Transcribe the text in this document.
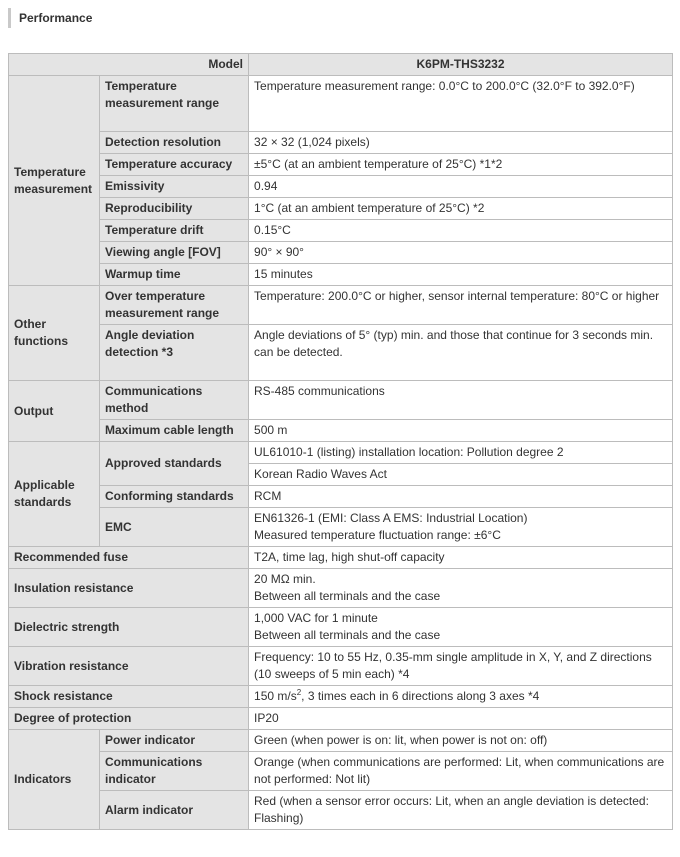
Performance
Model		K6PM-THS3232
Temperature measurement	Temperature measurement range	Temperature measurement range: 0.0°C to 200.0°C (32.0°F to 392.0°F)
	Detection resolution	32 × 32 (1,024 pixels)
	Temperature accuracy	±5°C (at an ambient temperature of 25°C) *1*2
	Emissivity	0.94
	Reproducibility	1°C (at an ambient temperature of 25°C) *2
	Temperature drift	0.15°C
	Viewing angle [FOV]	90° × 90°
	Warmup time	15 minutes
Other functions	Over temperature measurement range	Temperature: 200.0°C or higher, sensor internal temperature: 80°C or higher
	Angle deviation detection *3	Angle deviations of 5° (typ) min. and those that continue for 3 seconds min. can be detected.
Output	Communications method	RS-485 communications
	Maximum cable length	500 m
Applicable standards	Approved standards	UL61010-1 (listing) installation location: Pollution degree 2
		Korean Radio Waves Act
	Conforming standards	RCM
	EMC	EN61326-1 (EMI: Class A EMS: Industrial Location)
Measured temperature fluctuation range: ±6°C

Recommended fuse		T2A, time lag, high shut-off capacity
Insulation resistance		20 MΩ min.
Between all terminals and the case

Dielectric strength		1,000 VAC for 1 minute
Between all terminals and the case

Vibration resistance		Frequency: 10 to 55 Hz, 0.35-mm single amplitude in X, Y, and Z directions (10 sweeps of 5 min each) *4
Shock resistance		150 $m/s^2$, 3 times each in 6 directions along 3 axes *4
Degree of protection		IP20
Indicators	Power indicator	Green (when power is on: lit, when power is not on: off)
	Communications indicator	Orange (when communications are performed: Lit, when communications are not performed: Not lit)
	Alarm indicator	Red (when a sensor error occurs: Lit, when an angle deviation is detected: Flashing)
